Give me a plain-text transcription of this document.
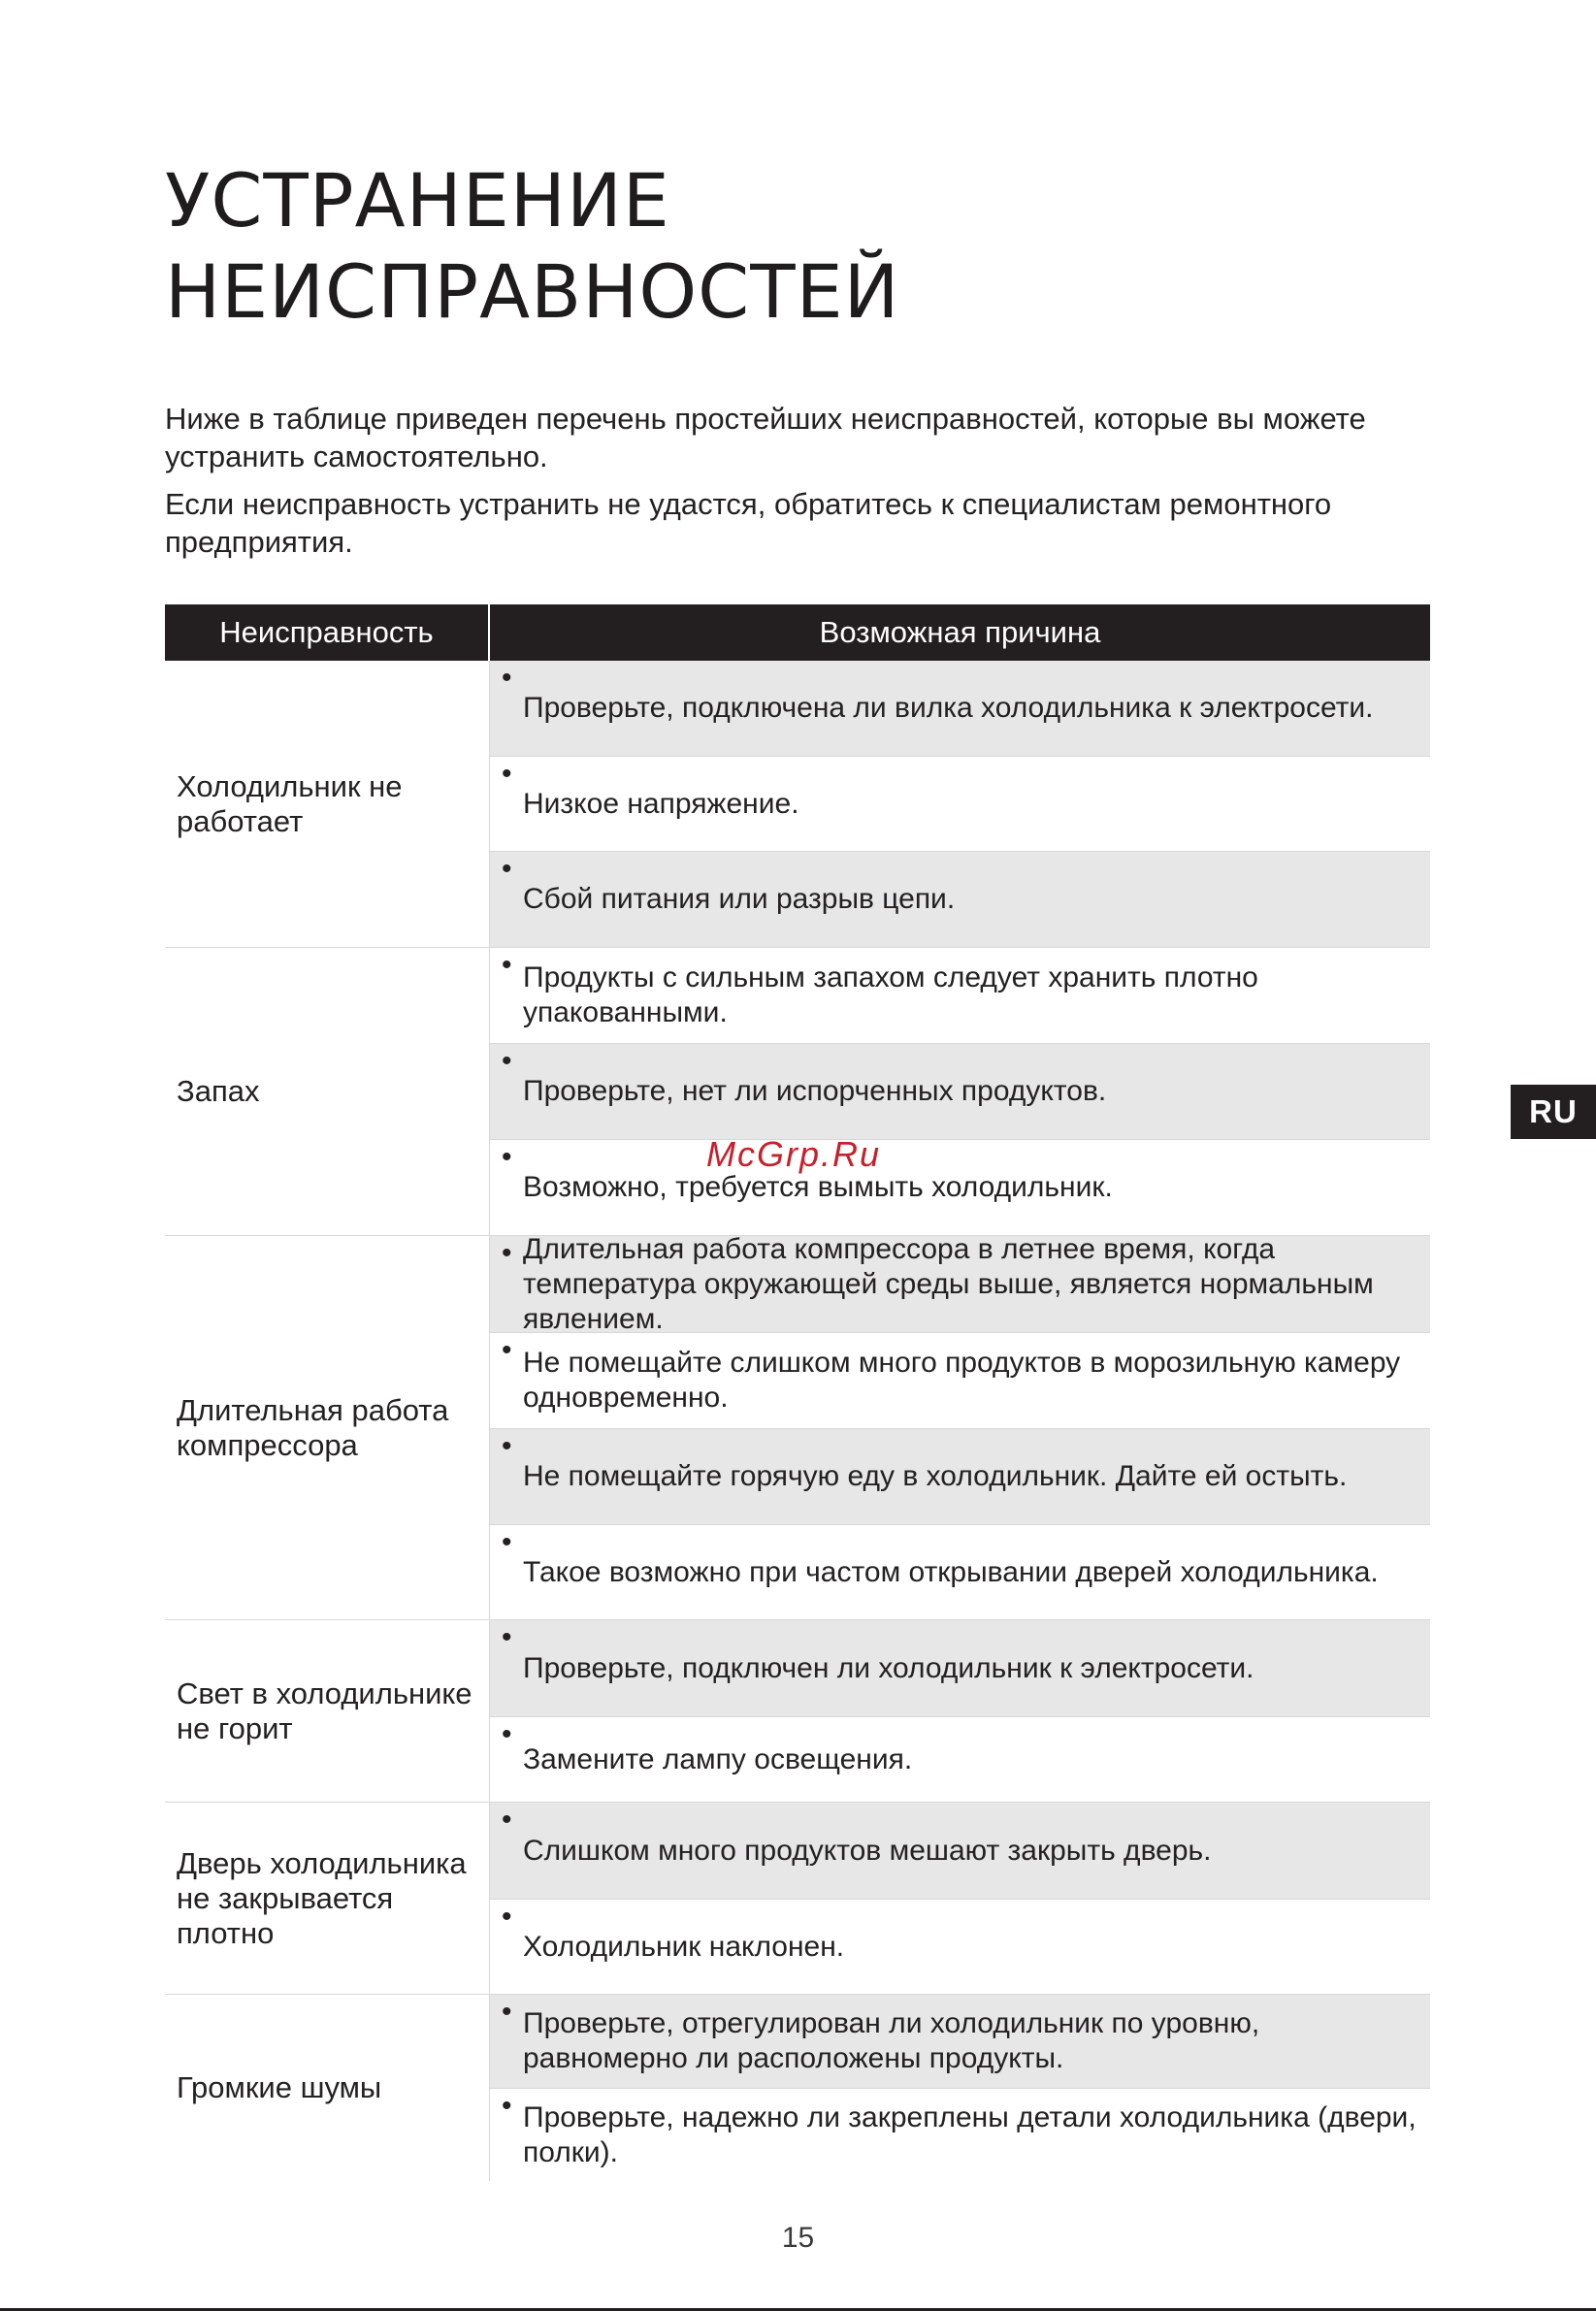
УСТРАНЕНИЕ
НЕИСПРАВНОСТЕЙ

Ниже в таблице приведен перечень простейших неисправностей, которые вы можете устранить самостоятельно.

Если неисправность устранить не удастся, обратитесь к специалистам ремонтного предприятия.

Неисправность	Возможная причина
Холодильник не работает
•
Проверьте, подключена ли вилка холодильника к электросети.
•
Низкое напряжение.
•
Сбой питания или разрыв цепи.
Запах
• Продукты с сильным запахом следует хранить плотно упакованными.
•
Проверьте, нет ли испорченных продуктов.
•
Возможно, требуется вымыть холодильник.
Длительная работа компрессора
• Длительная работа компрессора в летнее время, когда температура окружающей среды выше, является нормальным явлением.
• Не помещайте слишком много продуктов в морозильную камеру одновременно.
•
Не помещайте горячую еду в холодильник. Дайте ей остыть.
•
Такое возможно при частом открывании дверей холодильника.
Свет в холодильнике не горит
•
Проверьте, подключен ли холодильник к электросети.
•
Замените лампу освещения.
Дверь холодильника не закрывается плотно
•
Слишком много продуктов мешают закрыть дверь.
•
Холодильник наклонен.
Громкие шумы
• Проверьте, отрегулирован ли холодильник по уровню, равномерно ли расположены продукты.
• Проверьте, надежно ли закреплены детали холодильника (двери, полки).
McGrp.Ru
RU
15
